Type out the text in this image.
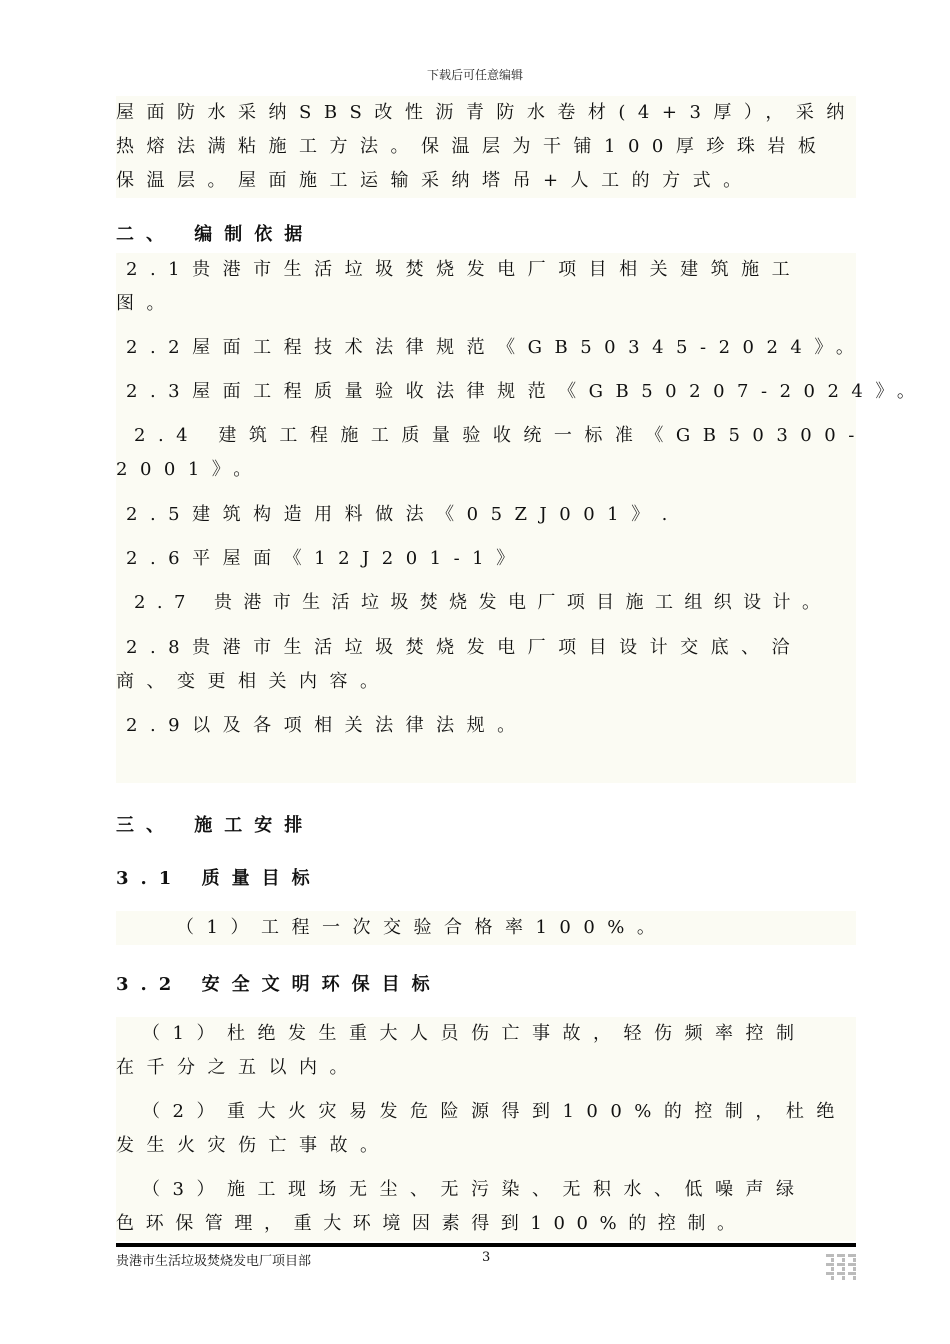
下载后可任意编辑
屋面防水采纳SBS改性沥青防水卷材(4+3厚），采纳
热熔法满粘施工方法。保温层为干铺100厚珍珠岩板
保温层。屋面施工运输采纳塔吊+人工的方式。
二、 编制依据
2.1贵港市生活垃圾焚烧发电厂项目相关建筑施工
图。
2.2屋面工程技术法律规范《GB50345-2024》。
2.3屋面工程质量验收法律规范《GB50207-2024》。
2.4 建筑工程施工质量验收统一标准《GB50300-
2001》。
2.5建筑构造用料做法《05ZJ001》.
2.6平屋面《12J201-1》
2.7 贵港市生活垃圾焚烧发电厂项目施工组织设计。
2.8贵港市生活垃圾焚烧发电厂项目设计交底、洽
商、变更相关内容。
2.9以及各项相关法律法规。
三、 施工安排
3.1 质量目标
（1）工程一次交验合格率100%。
3.2 安全文明环保目标
（1）杜绝发生重大人员伤亡事故，轻伤频率控制
在千分之五以内。
（2）重大火灾易发危险源得到100%的控制，杜绝
发生火灾伤亡事故。
（3）施工现场无尘、无污染、无积水、低噪声绿
色环保管理，重大环境因素得到100%的控制。
贵港市生活垃圾焚烧发电厂项目部	3
